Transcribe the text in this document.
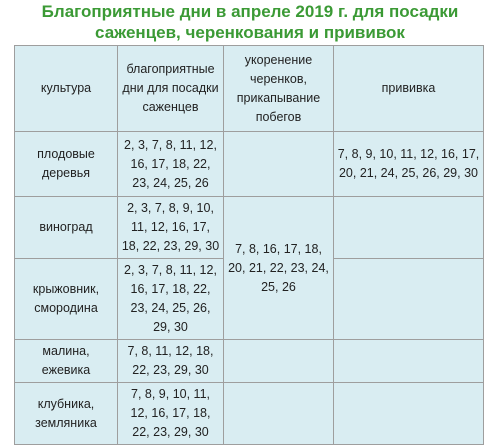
Благоприятные дни в апреле 2019 г. для посадки саженцев, черенкования и прививок
культура	благоприятные дни для посадки саженцев	укоренение черенков, прикапывание побегов	прививка
плодовые деревья	2, 3, 7, 8, 11, 12, 16, 17, 18, 22, 23, 24, 25, 26		7, 8, 9, 10, 11, 12, 16, 17, 20, 21, 24, 25, 26, 29, 30
виноград	2, 3, 7, 8, 9, 10, 11, 12, 16, 17, 18, 22, 23, 29, 30	7, 8, 16, 17, 18, 20, 21, 22, 23, 24, 25, 26	
крыжовник, смородина	2, 3, 7, 8, 11, 12, 16, 17, 18, 22, 23, 24, 25, 26, 29, 30		
малина, ежевика	7, 8, 11, 12, 18, 22, 23, 29, 30		
клубника, земляника	7, 8, 9, 10, 11, 12, 16, 17, 18, 22, 23, 29, 30		
